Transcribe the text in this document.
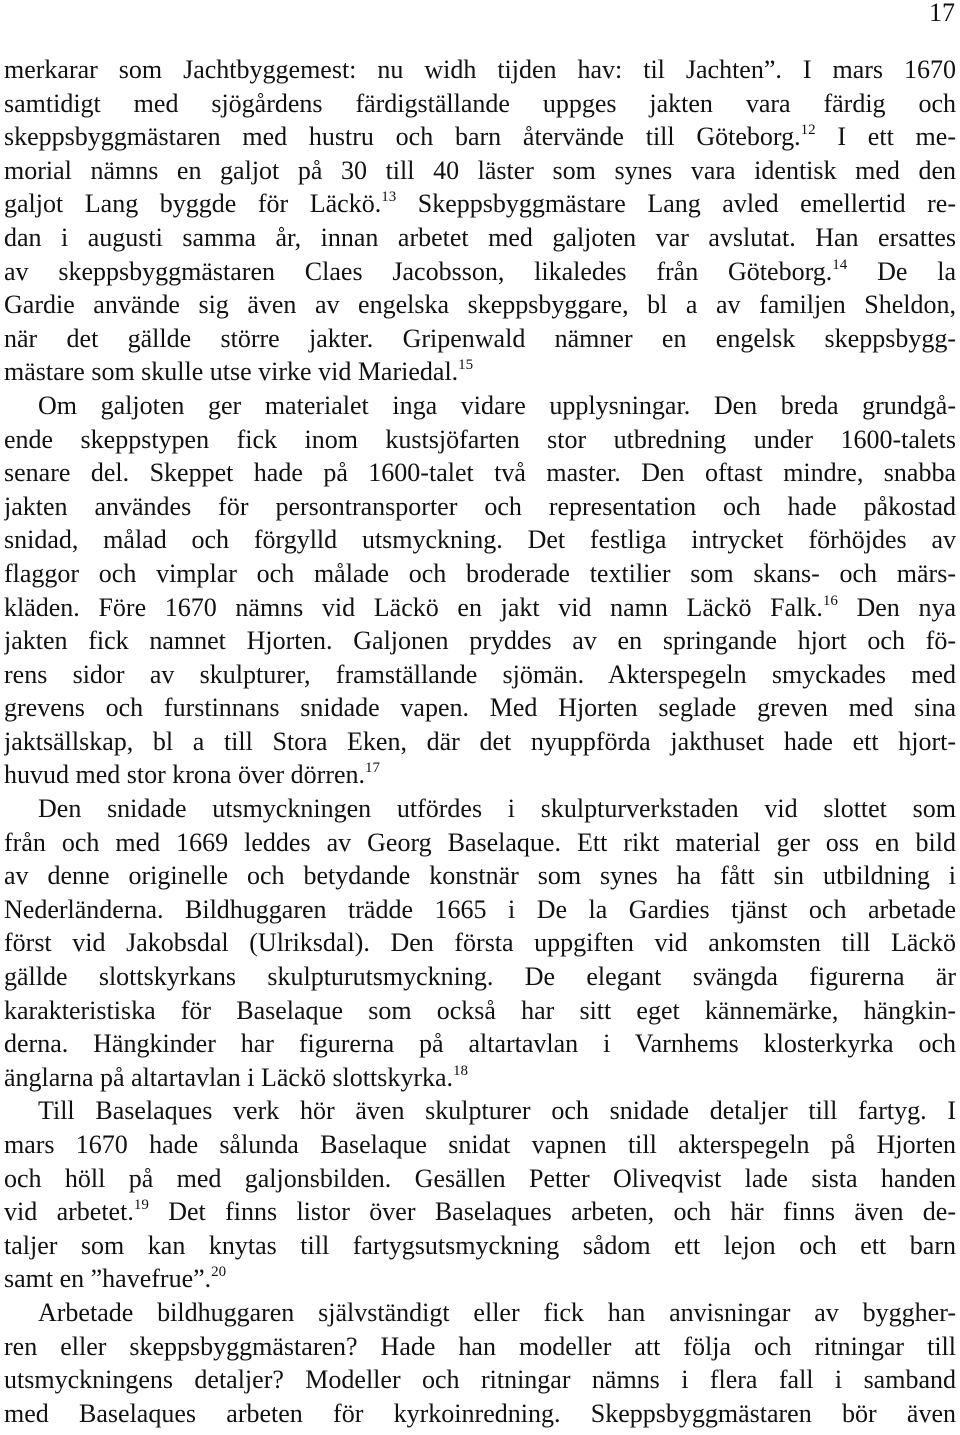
17
merkarar som Jachtbyggemest: nu widh tijden hav: til Jachten”. I mars 1670
samtidigt med sjögårdens färdigställande uppges jakten vara färdig och
skeppsbyggmästaren med hustru och barn återvände till Göteborg.$^{12}$ I ett me-
morial nämns en galjot på 30 till 40 läster som synes vara identisk med den
galjot Lang byggde för Läckö.$^{13}$ Skeppsbyggmästare Lang avled emellertid re-
dan i augusti samma år, innan arbetet med galjoten var avslutat. Han ersattes
av skeppsbyggmästaren Claes Jacobsson, likaledes från Göteborg.$^{14}$ De la
Gardie använde sig även av engelska skeppsbyggare, bl a av familjen Sheldon,
när det gällde större jakter. Gripenwald nämner en engelsk skeppsbygg-
mästare som skulle utse virke vid Mariedal.$^{15}$
Om galjoten ger materialet inga vidare upplysningar. Den breda grundgå-
ende skeppstypen fick inom kustsjöfarten stor utbredning under 1600-talets
senare del. Skeppet hade på 1600-talet två master. Den oftast mindre, snabba
jakten användes för persontransporter och representation och hade påkostad
snidad, målad och förgylld utsmyckning. Det festliga intrycket förhöjdes av
flaggor och vimplar och målade och broderade textilier som skans- och märs-
kläden. Före 1670 nämns vid Läckö en jakt vid namn Läckö Falk.$^{16}$ Den nya
jakten fick namnet Hjorten. Galjonen pryddes av en springande hjort och fö-
rens sidor av skulpturer, framställande sjömän. Akterspegeln smyckades med
grevens och furstinnans snidade vapen. Med Hjorten seglade greven med sina
jaktsällskap, bl a till Stora Eken, där det nyuppförda jakthuset hade ett hjort-
huvud med stor krona över dörren.$^{17}$
Den snidade utsmyckningen utfördes i skulpturverkstaden vid slottet som
från och med 1669 leddes av Georg Baselaque. Ett rikt material ger oss en bild
av denne originelle och betydande konstnär som synes ha fått sin utbildning i
Nederländerna. Bildhuggaren trädde 1665 i De la Gardies tjänst och arbetade
först vid Jakobsdal (Ulriksdal). Den första uppgiften vid ankomsten till Läckö
gällde slottskyrkans skulpturutsmyckning. De elegant svängda figurerna är
karakteristiska för Baselaque som också har sitt eget kännemärke, hängkin-
derna. Hängkinder har figurerna på altartavlan i Varnhems klosterkyrka och
änglarna på altartavlan i Läckö slottskyrka.$^{18}$
Till Baselaques verk hör även skulpturer och snidade detaljer till fartyg. I
mars 1670 hade sålunda Baselaque snidat vapnen till akterspegeln på Hjorten
och höll på med galjonsbilden. Gesällen Petter Oliveqvist lade sista handen
vid arbetet.$^{19}$ Det finns listor över Baselaques arbeten, och här finns även de-
taljer som kan knytas till fartygsutsmyckning sådom ett lejon och ett barn
samt en ”havefrue”.$^{20}$
Arbetade bildhuggaren självständigt eller fick han anvisningar av byggher-
ren eller skeppsbyggmästaren? Hade han modeller att följa och ritningar till
utsmyckningens detaljer? Modeller och ritningar nämns i flera fall i samband
med Baselaques arbeten för kyrkoinredning. Skeppsbyggmästaren bör även
